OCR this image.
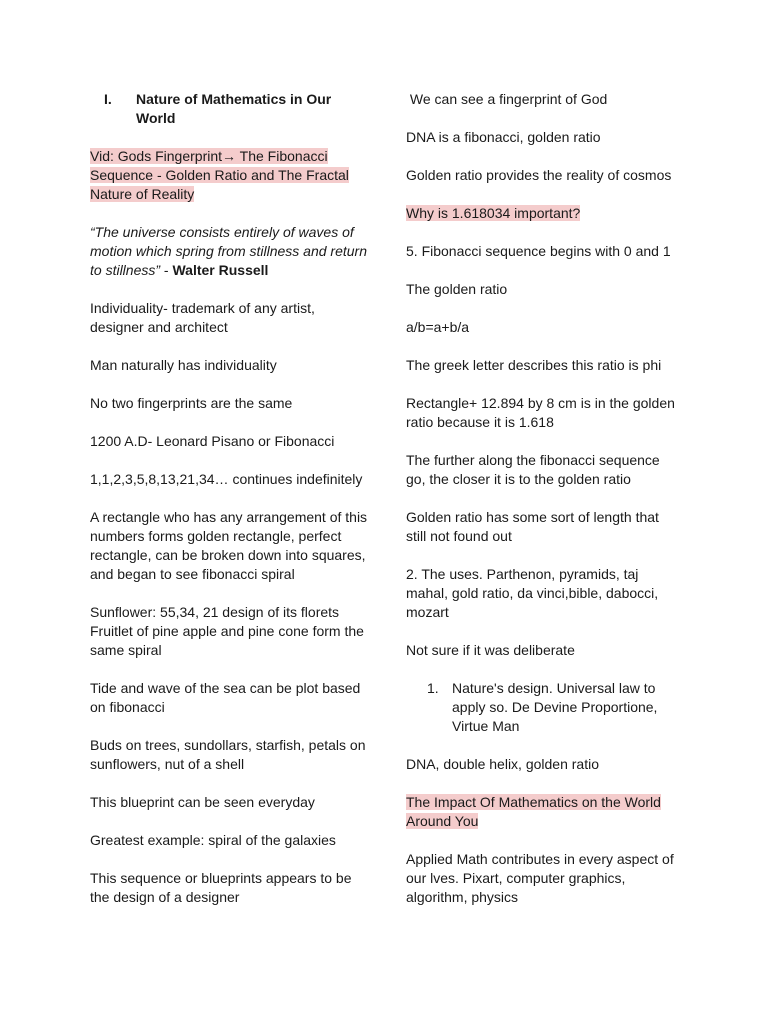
I.	Nature of Mathematics in Our World

Vid: Gods Fingerprint→ The Fibonacci Sequence - Golden Ratio and The Fractal Nature of Reality

“The universe consists entirely of waves of motion which spring from stillness and return to stillness” - Walter Russell

Individuality- trademark of any artist, designer and architect

Man naturally has individuality

No two fingerprints are the same

1200 A.D- Leonard Pisano or Fibonacci

1,1,2,3,5,8,13,21,34… continues indefinitely

A rectangle who has any arrangement of this numbers forms golden rectangle, perfect rectangle, can be broken down into squares, and began to see fibonacci spiral

Sunflower: 55,34, 21 design of its florets Fruitlet of pine apple and pine cone form the same spiral

Tide and wave of the sea can be plot based on fibonacci

Buds on trees, sundollars, starfish, petals on sunflowers, nut of a shell

This blueprint can be seen everyday

Greatest example: spiral of the galaxies

This sequence or blueprints appears to be the design of a designer

We can see a fingerprint of God

DNA is a fibonacci, golden ratio

Golden ratio provides the reality of cosmos

Why is 1.618034 important?

5. Fibonacci sequence begins with 0 and 1

The golden ratio

a/b=a+b/a

The greek letter describes this ratio is phi

Rectangle+ 12.894 by 8 cm is in the golden ratio because it is 1.618

The further along the fibonacci sequence go, the closer it is to the golden ratio

Golden ratio has some sort of length that still not found out

2. The uses. Parthenon, pyramids, taj mahal, gold ratio, da vinci,bible, dabocci, mozart

Not sure if it was deliberate

1. Nature's design. Universal law to apply so. De Devine Proportione, Virtue Man

DNA, double helix, golden ratio

The Impact Of Mathematics on the World Around You

Applied Math contributes in every aspect of our lves. Pixart, computer graphics, algorithm, physics
